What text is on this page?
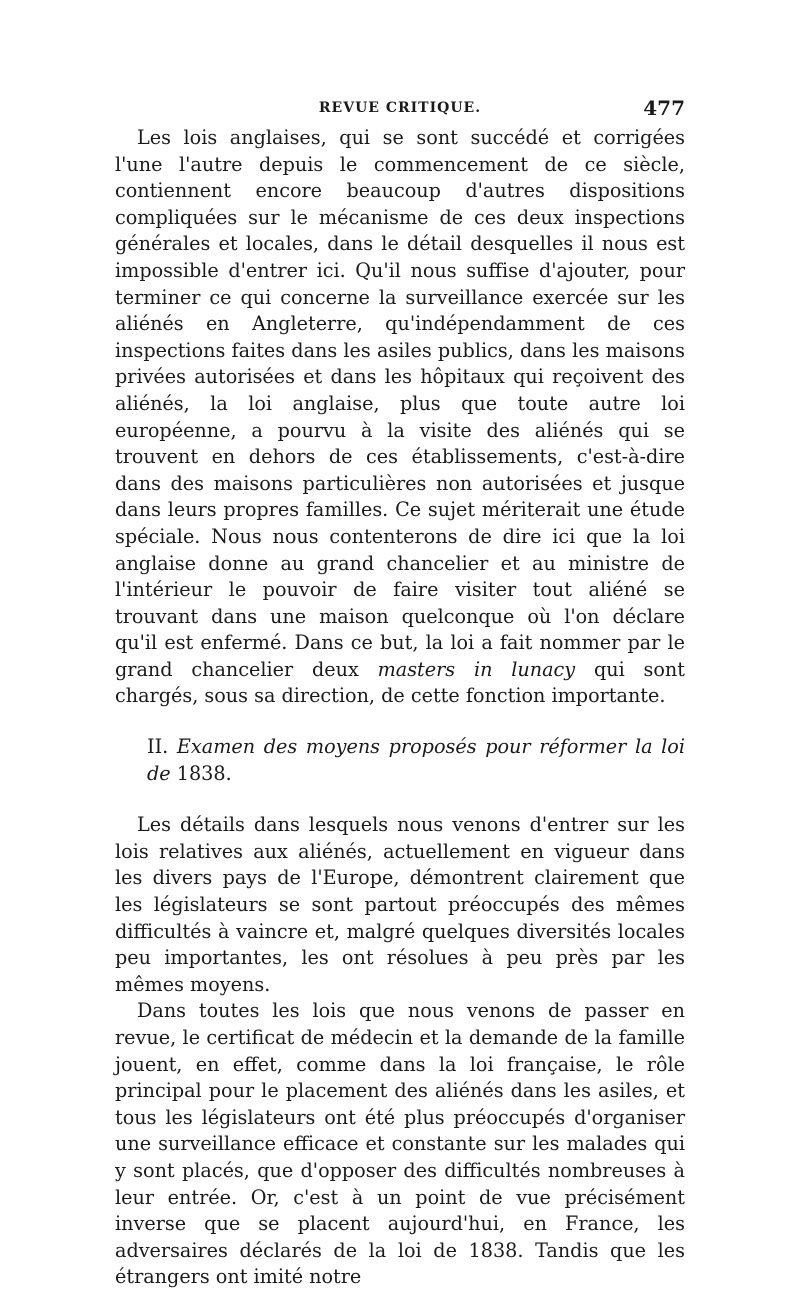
REVUE CRITIQUE.	477

Les lois anglaises, qui se sont succédé et corrigées l'une l'autre depuis le commencement de ce siècle, contiennent encore beaucoup d'autres dispositions compliquées sur le mécanisme de ces deux inspections générales et locales, dans le détail desquelles il nous est impossible d'entrer ici. Qu'il nous suffise d'ajouter, pour terminer ce qui concerne la surveillance exercée sur les aliénés en Angleterre, qu'indépendamment de ces inspections faites dans les asiles publics, dans les maisons privées autorisées et dans les hôpitaux qui reçoivent des aliénés, la loi anglaise, plus que toute autre loi européenne, a pourvu à la visite des aliénés qui se trouvent en dehors de ces établissements, c'est-à-dire dans des maisons particulières non autorisées et jusque dans leurs propres familles. Ce sujet mériterait une étude spéciale. Nous nous contenterons de dire ici que la loi anglaise donne au grand chancelier et au ministre de l'intérieur le pouvoir de faire visiter tout aliéné se trouvant dans une maison quelconque où l'on déclare qu'il est enfermé. Dans ce but, la loi a fait nommer par le grand chancelier deux masters in lunacy qui sont chargés, sous sa direction, de cette fonction importante.

II. Examen des moyens proposés pour réformer la loi de 1838.

Les détails dans lesquels nous venons d'entrer sur les lois relatives aux aliénés, actuellement en vigueur dans les divers pays de l'Europe, démontrent clairement que les législateurs se sont partout préoccupés des mêmes difficultés à vaincre et, malgré quelques diversités locales peu importantes, les ont résolues à peu près par les mêmes moyens.

Dans toutes les lois que nous venons de passer en revue, le certificat de médecin et la demande de la famille jouent, en effet, comme dans la loi française, le rôle principal pour le placement des aliénés dans les asiles, et tous les législateurs ont été plus préoccupés d'organiser une surveillance efficace et constante sur les malades qui y sont placés, que d'opposer des difficultés nombreuses à leur entrée. Or, c'est à un point de vue précisément inverse que se placent aujourd'hui, en France, les adversaires déclarés de la loi de 1838. Tandis que les étrangers ont imité notre
